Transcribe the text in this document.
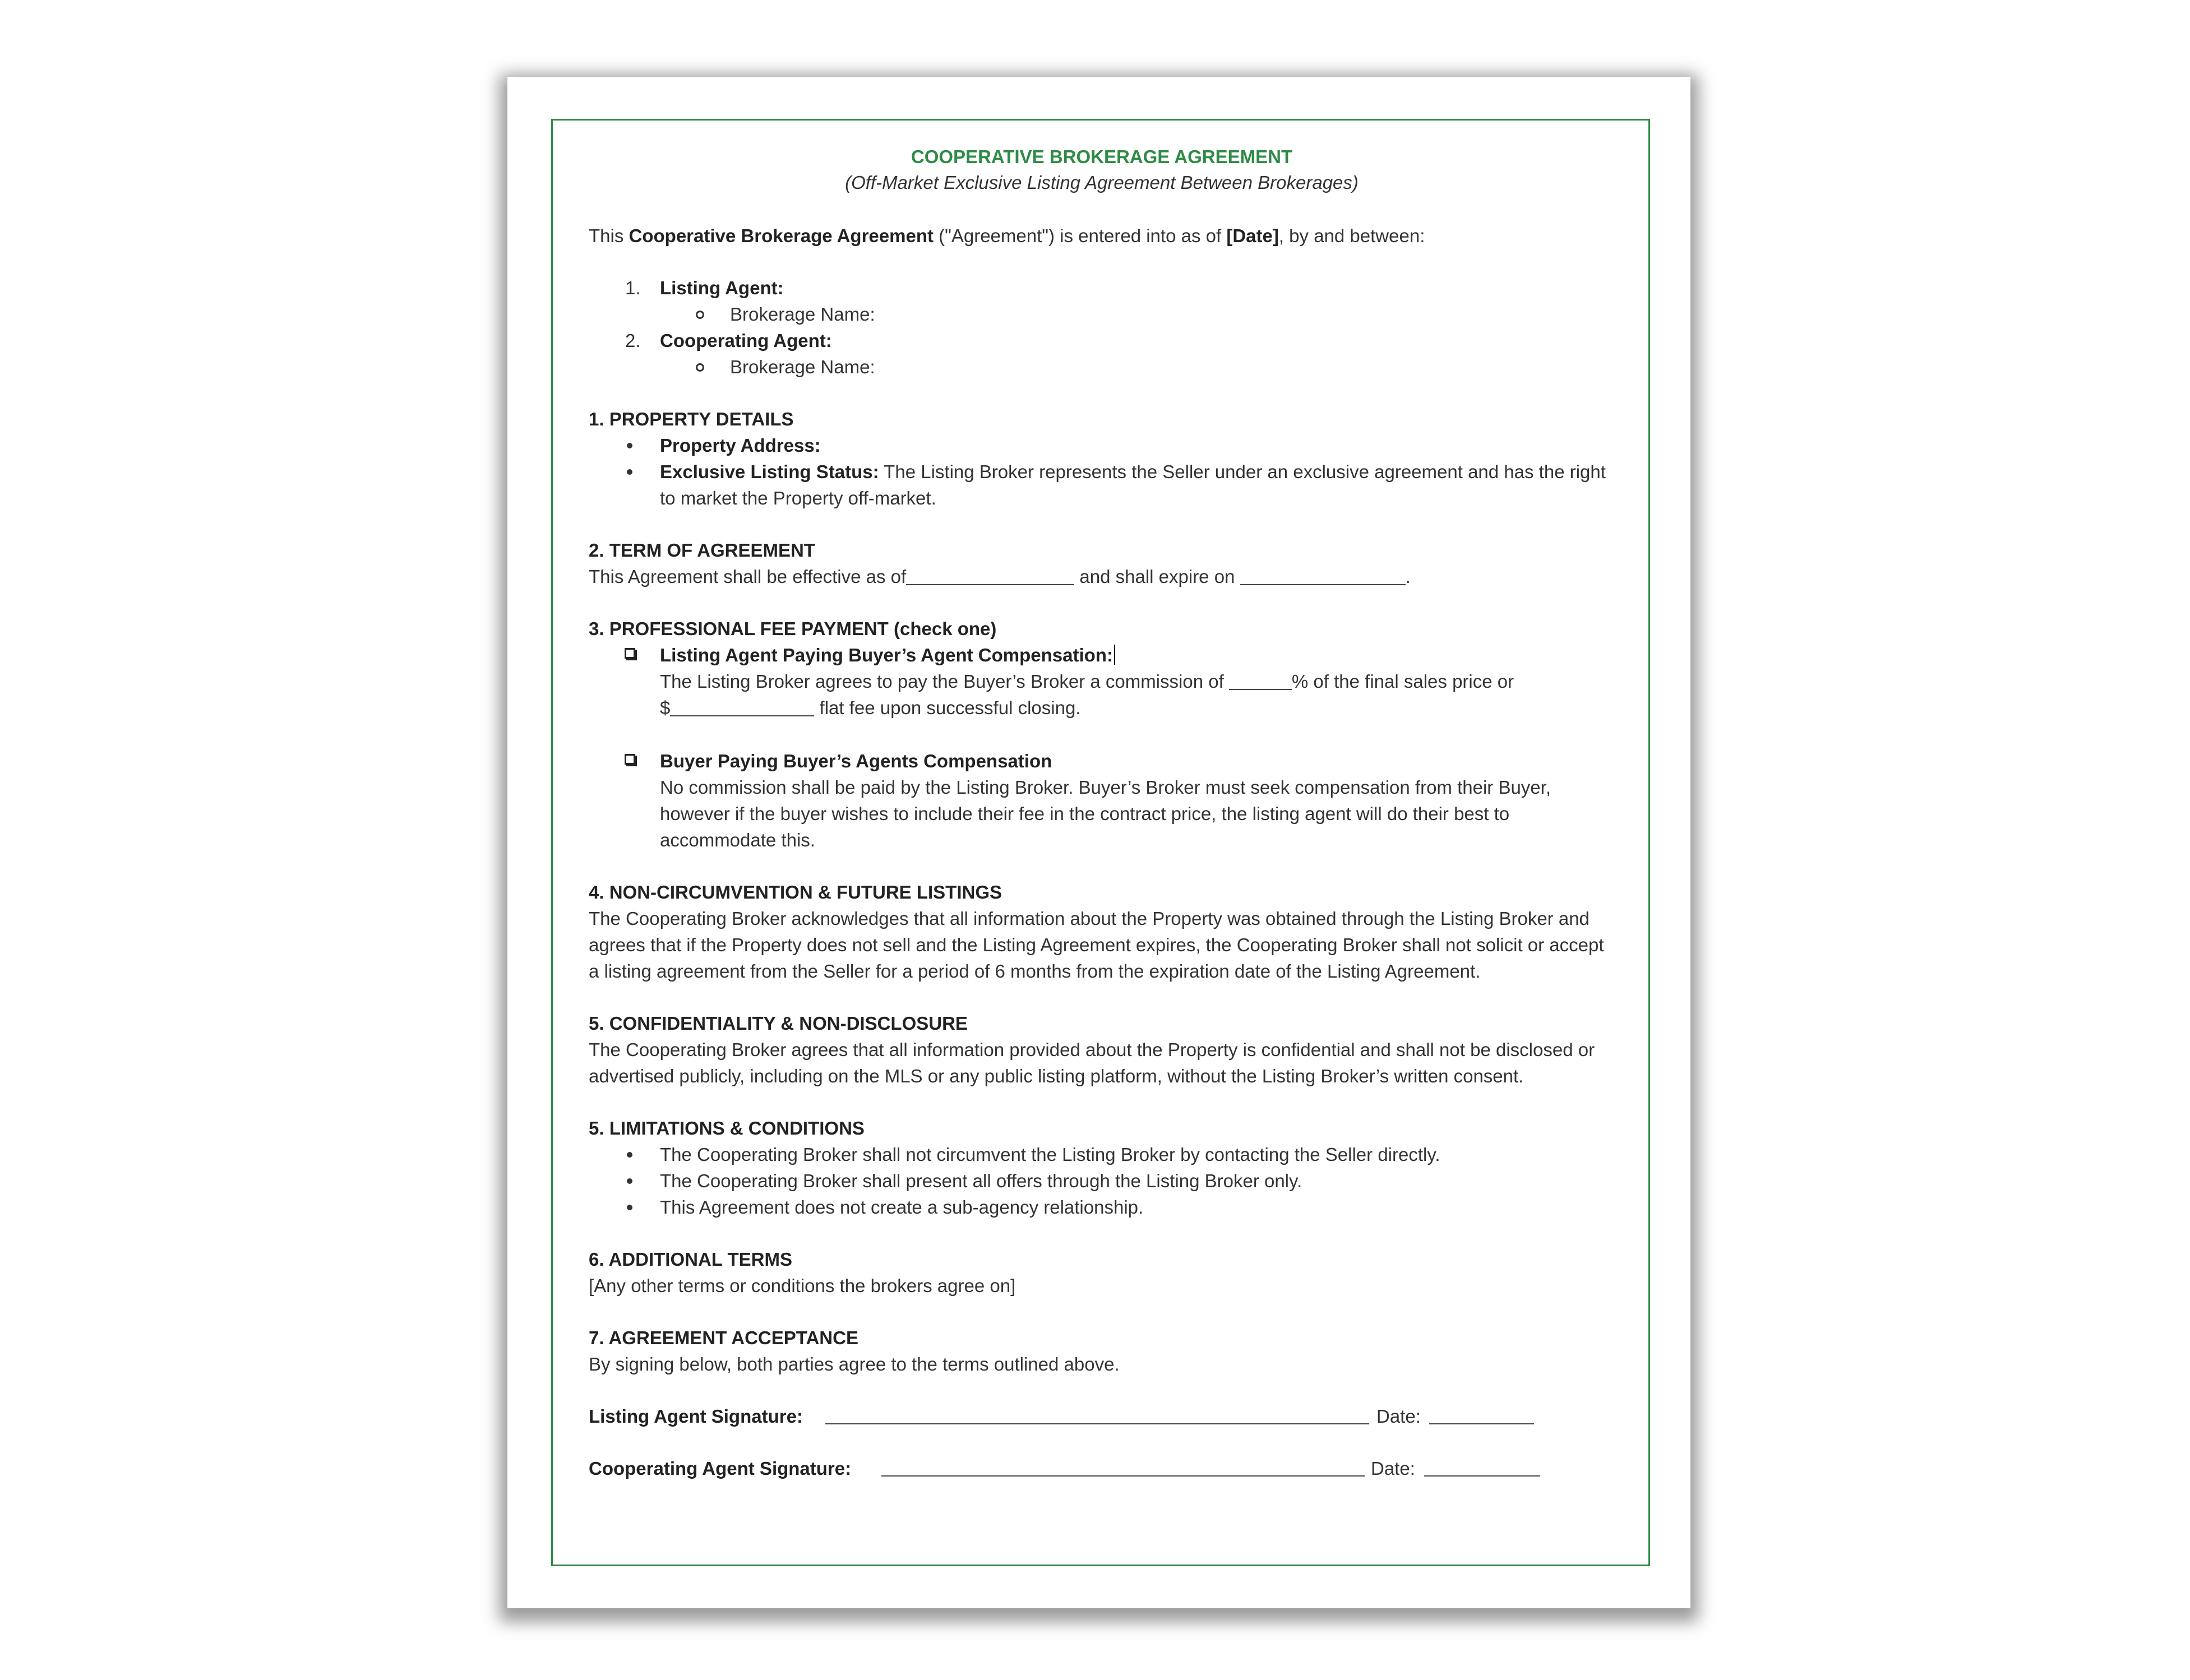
COOPERATIVE BROKERAGE AGREEMENT

(Off-Market Exclusive Listing Agreement Between Brokerages)

This Cooperative Brokerage Agreement ("Agreement") is entered into as of [Date], by and between:

1. Listing Agent:
Brokerage Name:
2. Cooperating Agent:
Brokerage Name:

1. PROPERTY DETAILS

Property Address:
Exclusive Listing Status: The Listing Broker represents the Seller under an exclusive agreement and has the right to market the Property off-market.

2. TERM OF AGREEMENT

This Agreement shall be effective as of	and shall expire on	.

3. PROFESSIONAL FEE PAYMENT (check one)

Listing Agent Paying Buyer’s Agent Compensation:

The Listing Broker agrees to pay the Buyer’s Broker a commission of	% of the final sales price or
$	flat fee upon successful closing.

Buyer Paying Buyer’s Agents Compensation

No commission shall be paid by the Listing Broker. Buyer’s Broker must seek compensation from their Buyer, however if the buyer wishes to include their fee in the contract price, the listing agent will do their best to accommodate this.

4. NON-CIRCUMVENTION & FUTURE LISTINGS

The Cooperating Broker acknowledges that all information about the Property was obtained through the Listing Broker and agrees that if the Property does not sell and the Listing Agreement expires, the Cooperating Broker shall not solicit or accept a listing agreement from the Seller for a period of 6 months from the expiration date of the Listing Agreement.

5. CONFIDENTIALITY & NON-DISCLOSURE

The Cooperating Broker agrees that all information provided about the Property is confidential and shall not be disclosed or advertised publicly, including on the MLS or any public listing platform, without the Listing Broker’s written consent.

5. LIMITATIONS & CONDITIONS

The Cooperating Broker shall not circumvent the Listing Broker by contacting the Seller directly.
The Cooperating Broker shall present all offers through the Listing Broker only.
This Agreement does not create a sub-agency relationship.

6. ADDITIONAL TERMS

[Any other terms or conditions the brokers agree on]

7. AGREEMENT ACCEPTANCE

By signing below, both parties agree to the terms outlined above.

Listing Agent Signature:	Date:
Cooperating Agent Signature:	Date:
